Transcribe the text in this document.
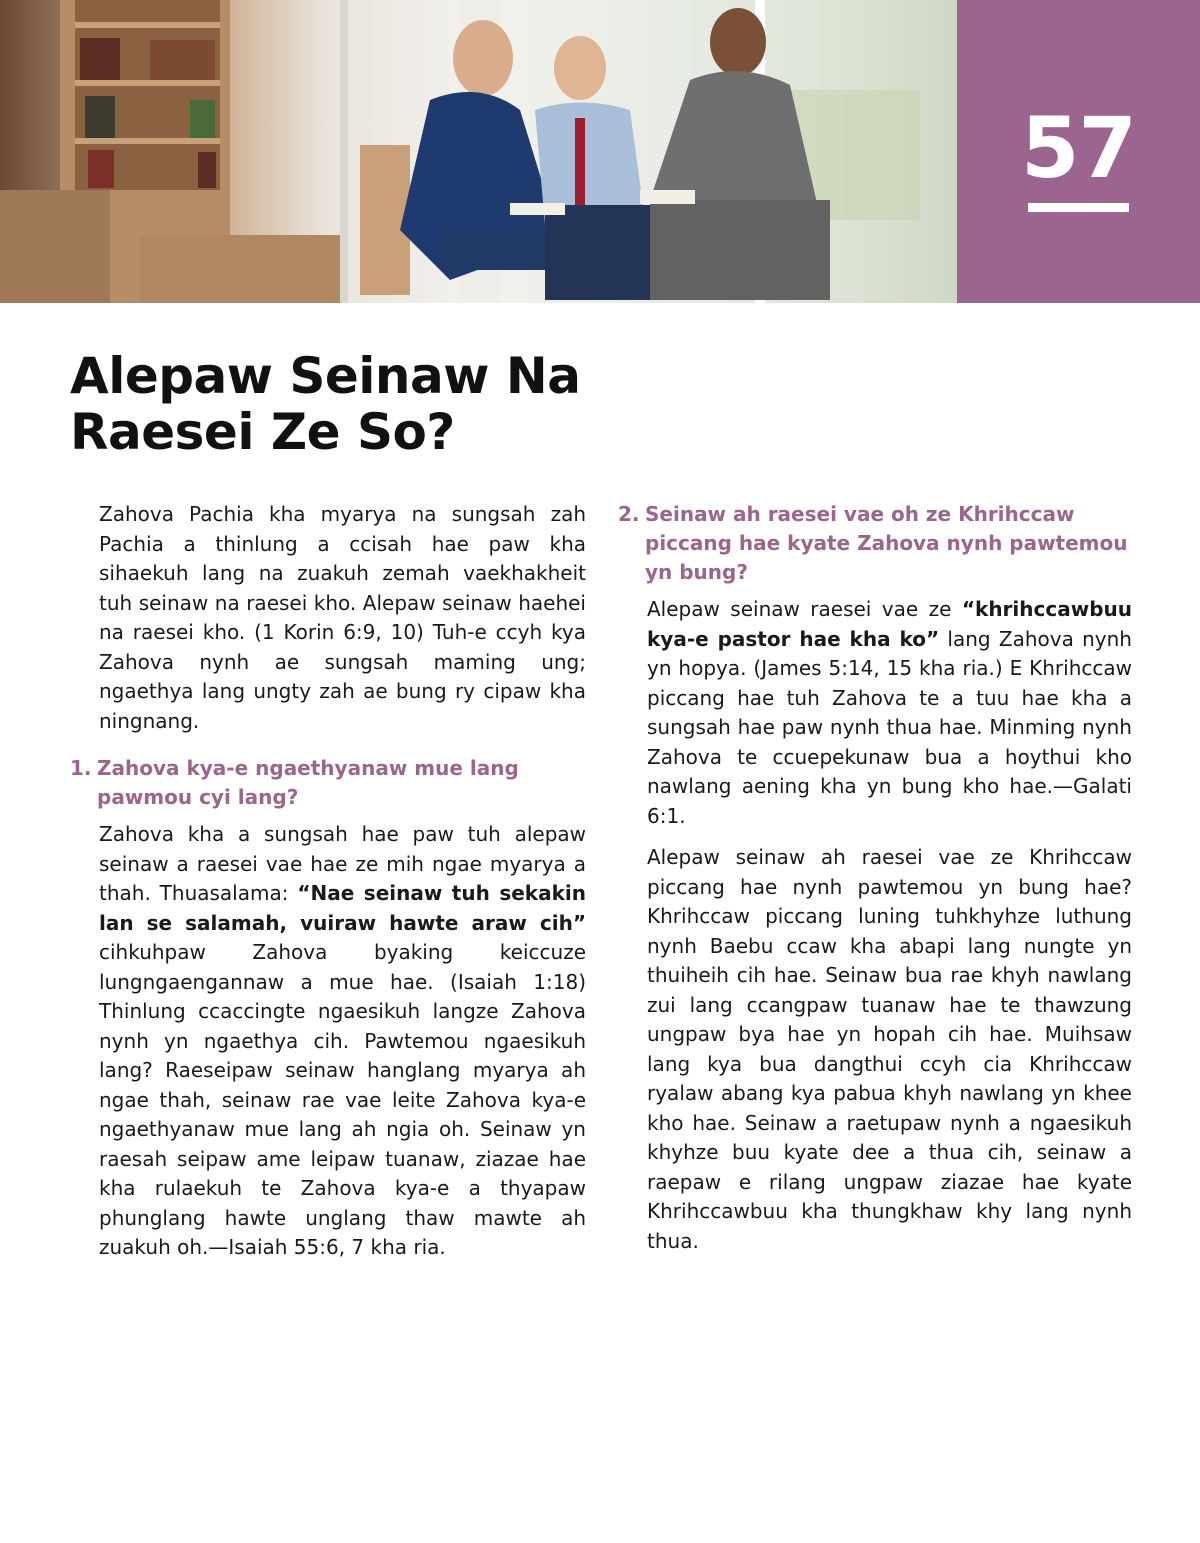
57
Alepaw Seinaw Na
Raesei Ze So?

Zahova Pachia kha myarya na sungsah zah Pachia a thinlung a ccisah hae paw kha sihaekuh lang na zuakuh zemah vaekhakheit tuh seinaw na raesei kho. Alepaw seinaw haehei na raesei kho. (1 Korin 6:9, 10) Tuh-e ccyh kya Zahova nynh ae sungsah maming ung; ngaethya lang ungty zah ae bung ry cipaw kha ningnang.

1. Zahova kya-e ngaethyanaw mue lang pawmou cyi lang?

Zahova kha a sungsah hae paw tuh alepaw seinaw a raesei vae hae ze mih ngae myarya a thah. Thuasalama: “Nae seinaw tuh sekakin lan se salamah, vuiraw hawte araw cih” cihkuhpaw Zahova byaking keiccuze lungngaengannaw a mue hae. (Isaiah 1:18) Thinlung ccaccingte ngaesikuh langze Zahova nynh yn ngaethya cih. Pawtemou ngaesikuh lang? Raeseipaw seinaw hanglang myarya ah ngae thah, seinaw rae vae leite Zahova kya-e ngaethyanaw mue lang ah ngia oh. Seinaw yn raesah seipaw ame leipaw tuanaw, ziazae hae kha rulaekuh te Zahova kya-e a thyapaw phunglang hawte unglang thaw mawte ah zuakuh oh.—Isaiah 55:6, 7 kha ria.

2. Seinaw ah raesei vae oh ze Khrihccaw piccang hae kyate Zahova nynh pawtemou yn bung?

Alepaw seinaw raesei vae ze “khrihccawbuu kya-e pastor hae kha ko” lang Zahova nynh yn hopya. (James 5:14, 15 kha ria.) E Khrihccaw piccang hae tuh Zahova te a tuu hae kha a sungsah hae paw nynh thua hae. Minming nynh Zahova te ccuepekunaw bua a hoythui kho nawlang aening kha yn bung kho hae.—Galati 6:1.

Alepaw seinaw ah raesei vae ze Khrihccaw piccang hae nynh pawtemou yn bung hae? Khrihccaw piccang luning tuhkhyhze luthung nynh Baebu ccaw kha abapi lang nungte yn thuiheih cih hae. Seinaw bua rae khyh nawlang zui lang ccangpaw tuanaw hae te thawzung ungpaw bya hae yn hopah cih hae. Muihsaw lang kya bua dangthui ccyh cia Khrihccaw ryalaw abang kya pabua khyh nawlang yn khee kho hae. Seinaw a raetupaw nynh a ngaesikuh khyhze buu kyate dee a thua cih, seinaw a raepaw e rilang ungpaw ziazae hae kyate Khrihccawbuu kha thungkhaw khy lang nynh thua.
